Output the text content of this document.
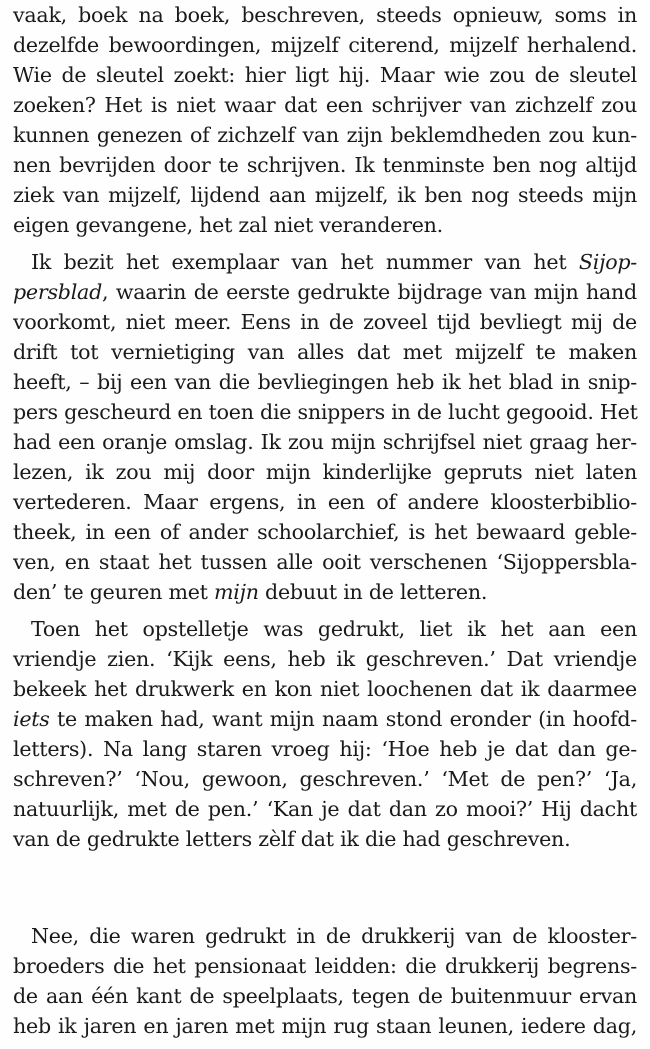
vaak, boek na boek, beschreven, steeds opnieuw, soms in
dezelfde bewoordingen, mijzelf citerend, mijzelf herhalend.
Wie de sleutel zoekt: hier ligt hij. Maar wie zou de sleutel
zoeken? Het is niet waar dat een schrijver van zichzelf zou
kunnen genezen of zichzelf van zijn beklemdheden zou kun-
nen bevrijden door te schrijven. Ik tenminste ben nog altijd
ziek van mijzelf, lijdend aan mijzelf, ik ben nog steeds mijn
eigen gevangene, het zal niet veranderen.
Ik bezit het exemplaar van het nummer van het Sijop-
persblad, waarin de eerste gedrukte bijdrage van mijn hand
voorkomt, niet meer. Eens in de zoveel tijd bevliegt mij de
drift tot vernietiging van alles dat met mijzelf te maken
heeft, – bij een van die bevliegingen heb ik het blad in snip-
pers gescheurd en toen die snippers in de lucht gegooid. Het
had een oranje omslag. Ik zou mijn schrijfsel niet graag her-
lezen, ik zou mij door mijn kinderlijke gepruts niet laten
vertederen. Maar ergens, in een of andere kloosterbiblio-
theek, in een of ander schoolarchief, is het bewaard geble-
ven, en staat het tussen alle ooit verschenen ‘Sijoppersbla-
den’ te geuren met mijn debuut in de letteren.
Toen het opstelletje was gedrukt, liet ik het aan een
vriendje zien. ‘Kijk eens, heb ik geschreven.’ Dat vriendje
bekeek het drukwerk en kon niet loochenen dat ik daarmee
iets te maken had, want mijn naam stond eronder (in hoofd-
letters). Na lang staren vroeg hij: ‘Hoe heb je dat dan ge-
schreven?’ ‘Nou, gewoon, geschreven.’ ‘Met de pen?’ ‘Ja,
natuurlijk, met de pen.’ ‘Kan je dat dan zo mooi?’ Hij dacht
van de gedrukte letters zèlf dat ik die had geschreven.
Nee, die waren gedrukt in de drukkerij van de klooster-
broeders die het pensionaat leidden: die drukkerij begrens-
de aan één kant de speelplaats, tegen de buitenmuur ervan
heb ik jaren en jaren met mijn rug staan leunen, iedere dag,
